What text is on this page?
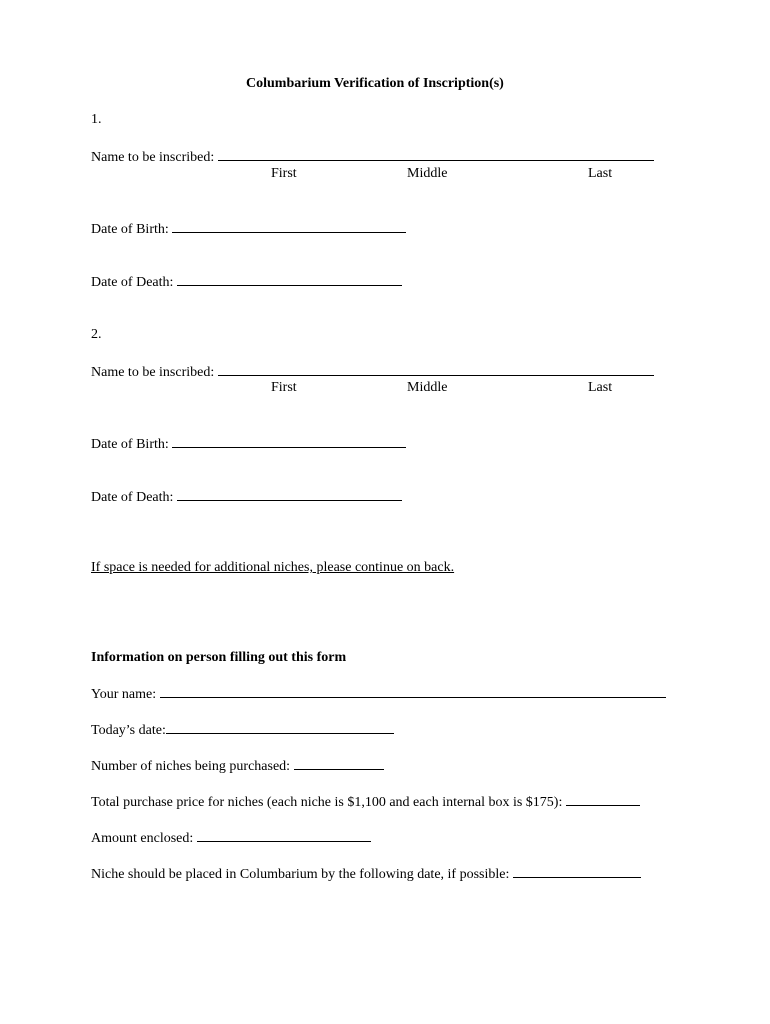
Columbarium Verification of Inscription(s)
1.
Name to be inscribed:
First	Middle	Last
Date of Birth:
Date of Death:
2.
Name to be inscribed:
First	Middle	Last
Date of Birth:
Date of Death:
If space is needed for additional niches, please continue on back.
Information on person filling out this form
Your name:
Today’s date:
Number of niches being purchased:
Total purchase price for niches (each niche is $1,100 and each internal box is $175):
Amount enclosed:
Niche should be placed in Columbarium by the following date, if possible:
